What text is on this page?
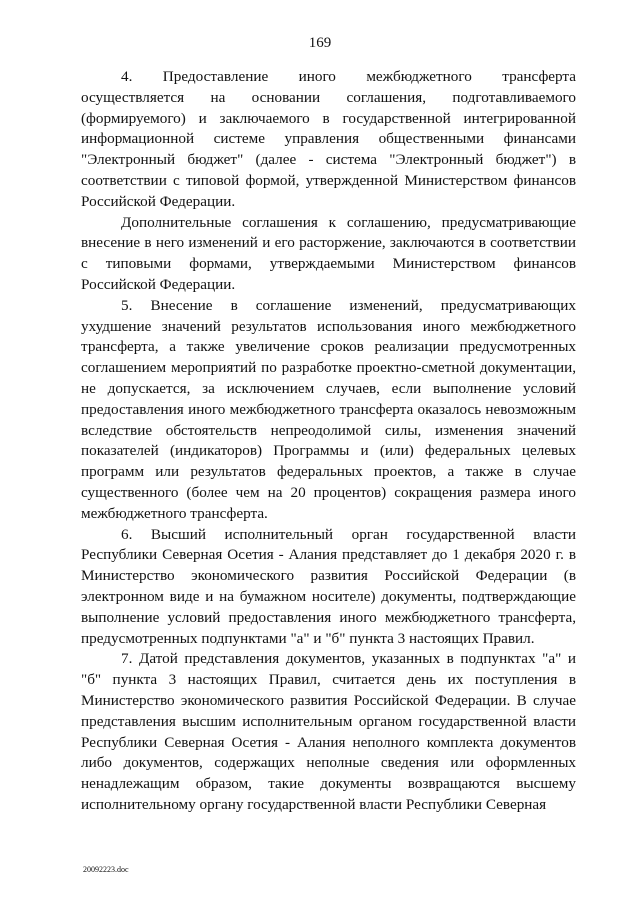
169

4. Предоставление иного межбюджетного трансферта осуществляется на основании соглашения, подготавливаемого (формируемого) и заключаемого в государственной интегрированной информационной системе управления общественными финансами "Электронный бюджет" (далее - система "Электронный бюджет") в соответствии с типовой формой, утвержденной Министерством финансов Российской Федерации.

Дополнительные соглашения к соглашению, предусматривающие внесение в него изменений и его расторжение, заключаются в соответствии с типовыми формами, утверждаемыми Министерством финансов Российской Федерации.

5. Внесение в соглашение изменений, предусматривающих ухудшение значений результатов использования иного межбюджетного трансферта, а также увеличение сроков реализации предусмотренных соглашением мероприятий по разработке проектно-сметной документации, не допускается, за исключением случаев, если выполнение условий предоставления иного межбюджетного трансферта оказалось невозможным вследствие обстоятельств непреодолимой силы, изменения значений показателей (индикаторов) Программы и (или) федеральных целевых программ или результатов федеральных проектов, а также в случае существенного (более чем на 20 процентов) сокращения размера иного межбюджетного трансферта.

6. Высший исполнительный орган государственной власти Республики Северная Осетия - Алания представляет до 1 декабря 2020 г. в Министерство экономического развития Российской Федерации (в электронном виде и на бумажном носителе) документы, подтверждающие выполнение условий предоставления иного межбюджетного трансферта, предусмотренных подпунктами "а" и "б" пункта 3 настоящих Правил.

7. Датой представления документов, указанных в подпунктах "а" и "б" пункта 3 настоящих Правил, считается день их поступления в Министерство экономического развития Российской Федерации. В случае представления высшим исполнительным органом государственной власти Республики Северная Осетия - Алания неполного комплекта документов либо документов, содержащих неполные сведения или оформленных ненадлежащим образом, такие документы возвращаются высшему исполнительному органу государственной власти Республики Северная

20092223.doc
